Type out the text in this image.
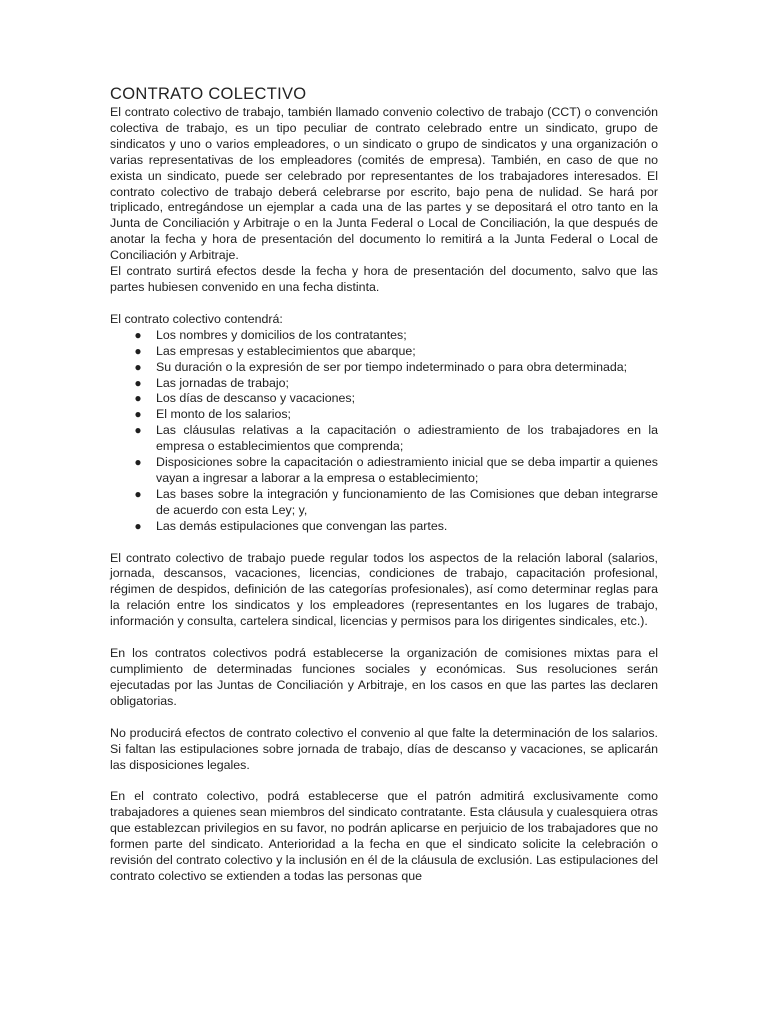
CONTRATO COLECTIVO

El contrato colectivo de trabajo, también llamado convenio colectivo de trabajo (CCT) o convención colectiva de trabajo, es un tipo peculiar de contrato celebrado entre un sindicato, grupo de sindicatos y uno o varios empleadores, o un sindicato o grupo de sindicatos y una organización o varias representativas de los empleadores (comités de empresa). También, en caso de que no exista un sindicato, puede ser celebrado por representantes de los trabajadores interesados. El contrato colectivo de trabajo deberá celebrarse por escrito, bajo pena de nulidad. Se hará por triplicado, entregándose un ejemplar a cada una de las partes y se depositará el otro tanto en la Junta de Conciliación y Arbitraje o en la Junta Federal o Local de Conciliación, la que después de anotar la fecha y hora de presentación del documento lo remitirá a la Junta Federal o Local de Conciliación y Arbitraje.

El contrato surtirá efectos desde la fecha y hora de presentación del documento, salvo que las partes hubiesen convenido en una fecha distinta.

El contrato colectivo contendrá:

● Los nombres y domicilios de los contratantes;
● Las empresas y establecimientos que abarque;
● Su duración o la expresión de ser por tiempo indeterminado o para obra determinada;
● Las jornadas de trabajo;
● Los días de descanso y vacaciones;
● El monto de los salarios;
● Las cláusulas relativas a la capacitación o adiestramiento de los trabajadores en la empresa o establecimientos que comprenda;
● Disposiciones sobre la capacitación o adiestramiento inicial que se deba impartir a quienes vayan a ingresar a laborar a la empresa o establecimiento;
● Las bases sobre la integración y funcionamiento de las Comisiones que deban integrarse de acuerdo con esta Ley; y,
● Las demás estipulaciones que convengan las partes.

El contrato colectivo de trabajo puede regular todos los aspectos de la relación laboral (salarios, jornada, descansos, vacaciones, licencias, condiciones de trabajo, capacitación profesional, régimen de despidos, definición de las categorías profesionales), así como determinar reglas para la relación entre los sindicatos y los empleadores (representantes en los lugares de trabajo, información y consulta, cartelera sindical, licencias y permisos para los dirigentes sindicales, etc.).

En los contratos colectivos podrá establecerse la organización de comisiones mixtas para el cumplimiento de determinadas funciones sociales y económicas. Sus resoluciones serán ejecutadas por las Juntas de Conciliación y Arbitraje, en los casos en que las partes las declaren obligatorias.

No producirá efectos de contrato colectivo el convenio al que falte la determinación de los salarios. Si faltan las estipulaciones sobre jornada de trabajo, días de descanso y vacaciones, se aplicarán las disposiciones legales.

En el contrato colectivo, podrá establecerse que el patrón admitirá exclusivamente como trabajadores a quienes sean miembros del sindicato contratante. Esta cláusula y cualesquiera otras que establezcan privilegios en su favor, no podrán aplicarse en perjuicio de los trabajadores que no formen parte del sindicato. Anterioridad a la fecha en que el sindicato solicite la celebración o revisión del contrato colectivo y la inclusión en él de la cláusula de exclusión. Las estipulaciones del contrato colectivo se extienden a todas las personas que
